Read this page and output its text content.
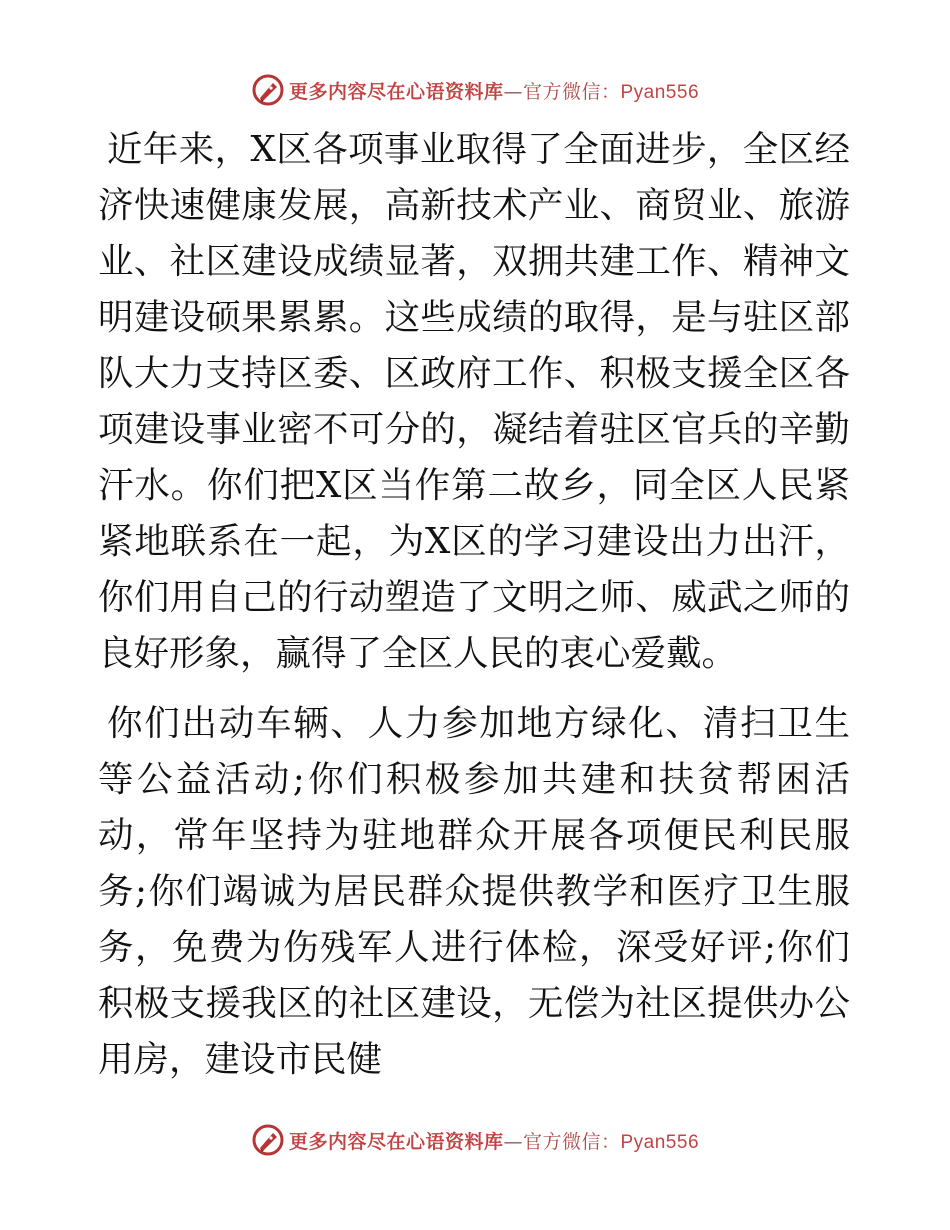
更多内容尽在心语资料库—官方微信：Pyan556

近年来，X区各项事业取得了全面进步，全区经济快速健康发展，高新技术产业、商贸业、旅游业、社区建设成绩显著，双拥共建工作、精神文明建设硕果累累。这些成绩的取得，是与驻区部队大力支持区委、区政府工作、积极支援全区各项建设事业密不可分的，凝结着驻区官兵的辛勤汗水。你们把X区当作第二故乡，同全区人民紧紧地联系在一起，为X区的学习建设出力出汗，你们用自己的行动塑造了文明之师、威武之师的良好形象，赢得了全区人民的衷心爱戴。

你们出动车辆、人力参加地方绿化、清扫卫生等公益活动;你们积极参加共建和扶贫帮困活动，常年坚持为驻地群众开展各项便民利民服务;你们竭诚为居民群众提供教学和医疗卫生服务，免费为伤残军人进行体检，深受好评;你们积极支援我区的社区建设，无偿为社区提供办公用房，建设市民健

更多内容尽在心语资料库—官方微信：Pyan556
